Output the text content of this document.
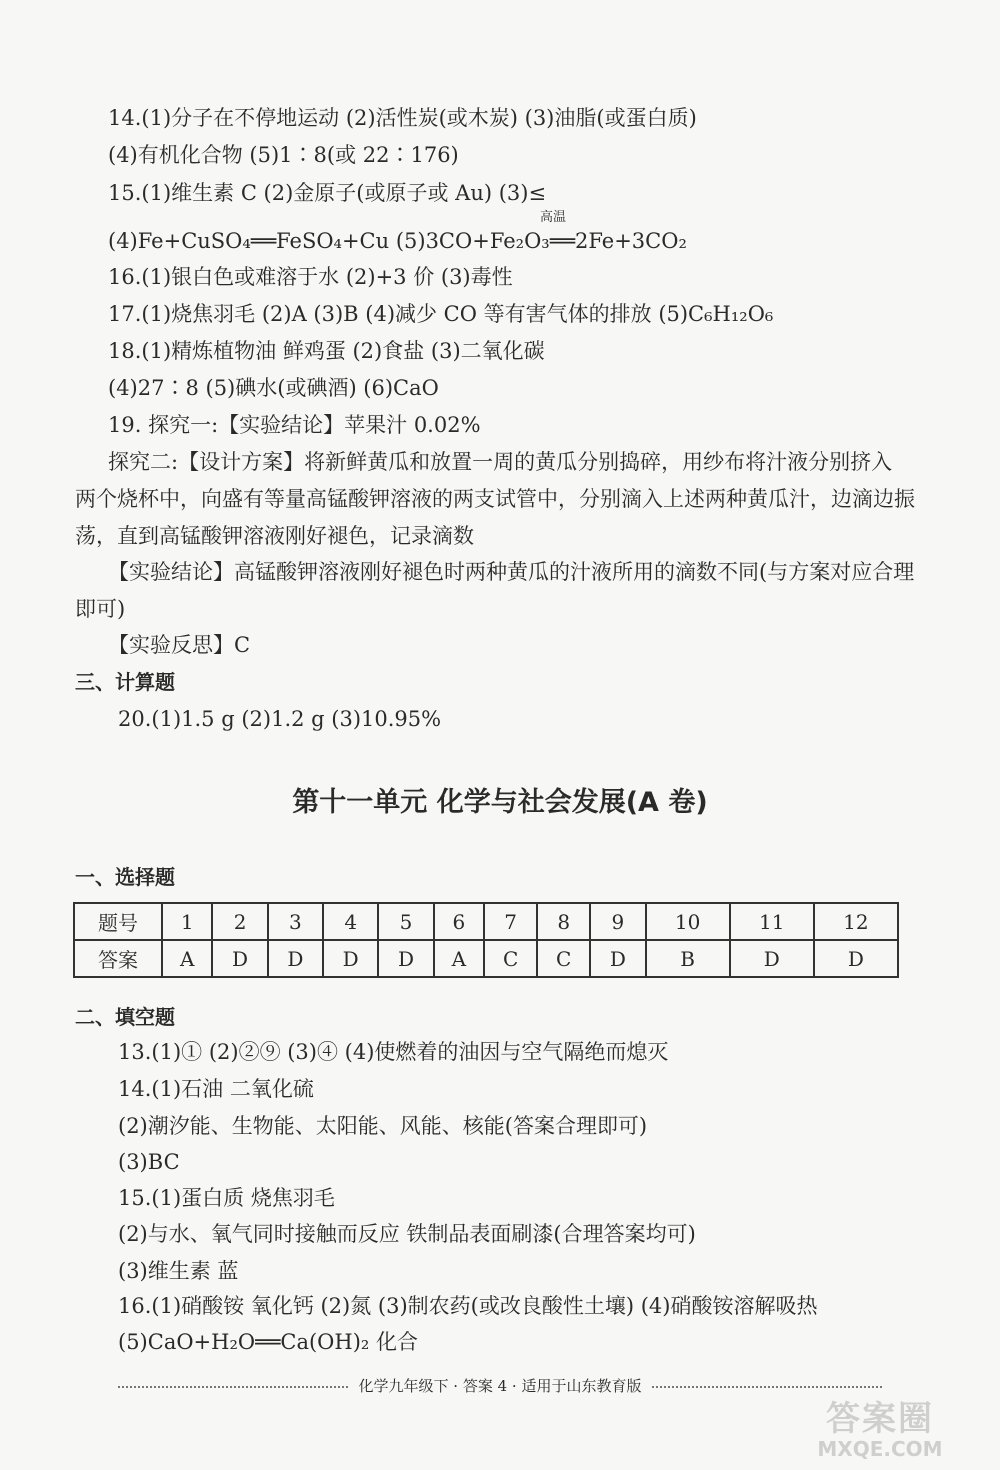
14.(1)分子在不停地运动 (2)活性炭(或木炭) (3)油脂(或蛋白质)
(4)有机化合物 (5)1∶8(或 22∶176)
15.(1)维生素 C (2)金原子(或原子或 Au) (3)≤
(4)Fe+CuSO₄══FeSO₄+Cu (5)3CO+Fe₂O₃══2Fe+3CO₂
高温
16.(1)银白色或难溶于水 (2)+3 价 (3)毒性
17.(1)烧焦羽毛 (2)A (3)B (4)减少 CO 等有害气体的排放 (5)C₆H₁₂O₆
18.(1)精炼植物油 鲜鸡蛋 (2)食盐 (3)二氧化碳
(4)27∶8 (5)碘水(或碘酒) (6)CaO
19. 探究一:【实验结论】苹果汁 0.02%
探究二:【设计方案】将新鲜黄瓜和放置一周的黄瓜分别捣碎，用纱布将汁液分别挤入
两个烧杯中，向盛有等量高锰酸钾溶液的两支试管中，分别滴入上述两种黄瓜汁，边滴边振
荡，直到高锰酸钾溶液刚好褪色，记录滴数
【实验结论】高锰酸钾溶液刚好褪色时两种黄瓜的汁液所用的滴数不同(与方案对应合理
即可)
【实验反思】C
三、计算题
20.(1)1.5 g (2)1.2 g (3)10.95%
第十一单元 化学与社会发展(A 卷)
一、选择题
题号	1	2	3	4	5	6	7	8	9	10	11	12
答案	A	D	D	D	D	A	C	C	D	B	D	D
二、填空题
13.(1)① (2)②⑨ (3)④ (4)使燃着的油因与空气隔绝而熄灭
14.(1)石油 二氧化硫
(2)潮汐能、生物能、太阳能、风能、核能(答案合理即可)
(3)BC
15.(1)蛋白质 烧焦羽毛
(2)与水、氧气同时接触而反应 铁制品表面刷漆(合理答案均可)
(3)维生素 蓝
16.(1)硝酸铵 氧化钙 (2)氮 (3)制农药(或改良酸性土壤) (4)硝酸铵溶解吸热
(5)CaO+H₂O══Ca(OH)₂ 化合
化学九年级下 · 答案 4 · 适用于山东教育版
答案圈
MXQE.COM
